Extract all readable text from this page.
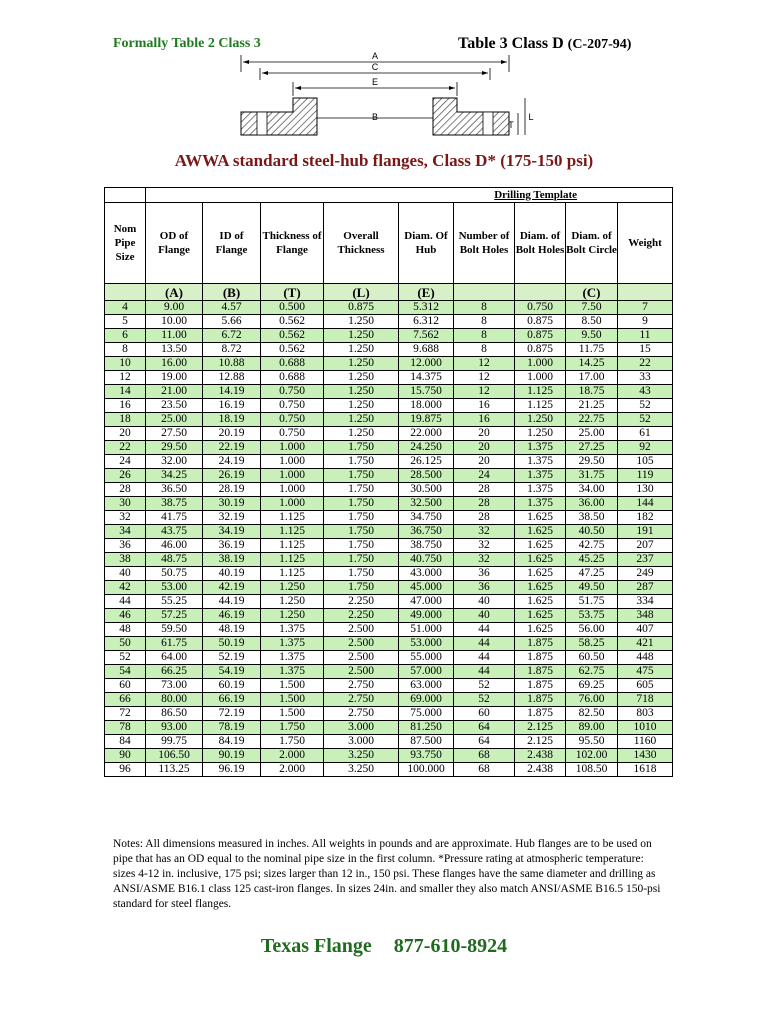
Formally Table 2 Class 3	Table 3 Class D (C-207-94)
A
C
E
B
T
L
AWWA standard steel-hub flanges, Class D* (175-150 psi)
	Drilling Template								
Nom Pipe Size	OD of Flange	ID of Flange	Thickness of Flange	Overall Thickness	Diam. Of Hub	Number of Bolt Holes	Diam. of Bolt Holes	Diam. of Bolt Circle	Weight
	(A)	(B)	(T)	(L)	(E)			(C)	
4	9.00	4.57	0.500	0.875	5.312	8	0.750	7.50	7
5	10.00	5.66	0.562	1.250	6.312	8	0.875	8.50	9
6	11.00	6.72	0.562	1.250	7.562	8	0.875	9.50	11
8	13.50	8.72	0.562	1.250	9.688	8	0.875	11.75	15
10	16.00	10.88	0.688	1.250	12.000	12	1.000	14.25	22
12	19.00	12.88	0.688	1.250	14.375	12	1.000	17.00	33
14	21.00	14.19	0.750	1.250	15.750	12	1.125	18.75	43
16	23.50	16.19	0.750	1.250	18.000	16	1.125	21.25	52
18	25.00	18.19	0.750	1.250	19.875	16	1.250	22.75	52
20	27.50	20.19	0.750	1.250	22.000	20	1.250	25.00	61
22	29.50	22.19	1.000	1.750	24.250	20	1.375	27.25	92
24	32.00	24.19	1.000	1.750	26.125	20	1.375	29.50	105
26	34.25	26.19	1.000	1.750	28.500	24	1.375	31.75	119
28	36.50	28.19	1.000	1.750	30.500	28	1.375	34.00	130
30	38.75	30.19	1.000	1.750	32.500	28	1.375	36.00	144
32	41.75	32.19	1.125	1.750	34.750	28	1.625	38.50	182
34	43.75	34.19	1.125	1.750	36.750	32	1.625	40.50	191
36	46.00	36.19	1.125	1.750	38.750	32	1.625	42.75	207
38	48.75	38.19	1.125	1.750	40.750	32	1.625	45.25	237
40	50.75	40.19	1.125	1.750	43.000	36	1.625	47.25	249
42	53.00	42.19	1.250	1.750	45.000	36	1.625	49.50	287
44	55.25	44.19	1.250	2.250	47.000	40	1.625	51.75	334
46	57.25	46.19	1.250	2.250	49.000	40	1.625	53.75	348
48	59.50	48.19	1.375	2.500	51.000	44	1.625	56.00	407
50	61.75	50.19	1.375	2.500	53.000	44	1.875	58.25	421
52	64.00	52.19	1.375	2.500	55.000	44	1.875	60.50	448
54	66.25	54.19	1.375	2.500	57.000	44	1.875	62.75	475
60	73.00	60.19	1.500	2.750	63.000	52	1.875	69.25	605
66	80.00	66.19	1.500	2.750	69.000	52	1.875	76.00	718
72	86.50	72.19	1.500	2.750	75.000	60	1.875	82.50	803
78	93.00	78.19	1.750	3.000	81.250	64	2.125	89.00	1010
84	99.75	84.19	1.750	3.000	87.500	64	2.125	95.50	1160
90	106.50	90.19	2.000	3.250	93.750	68	2.438	102.00	1430
96	113.25	96.19	2.000	3.250	100.000	68	2.438	108.50	1618
Notes: All dimensions measured in inches. All weights in pounds and are approximate. Hub flanges are to be used on pipe that has an OD equal to the nominal pipe size in the first column. *Pressure rating at atmospheric temperature: sizes 4-12 in. inclusive, 175 psi; sizes larger than 12 in., 150 psi. These flanges have the same diameter and drilling as ANSI/ASME B16.1 class 125 cast-iron flanges. In sizes 24in. and smaller they also match ANSI/ASME B16.5 150-psi standard for steel flanges.
Texas Flange 877-610-8924
